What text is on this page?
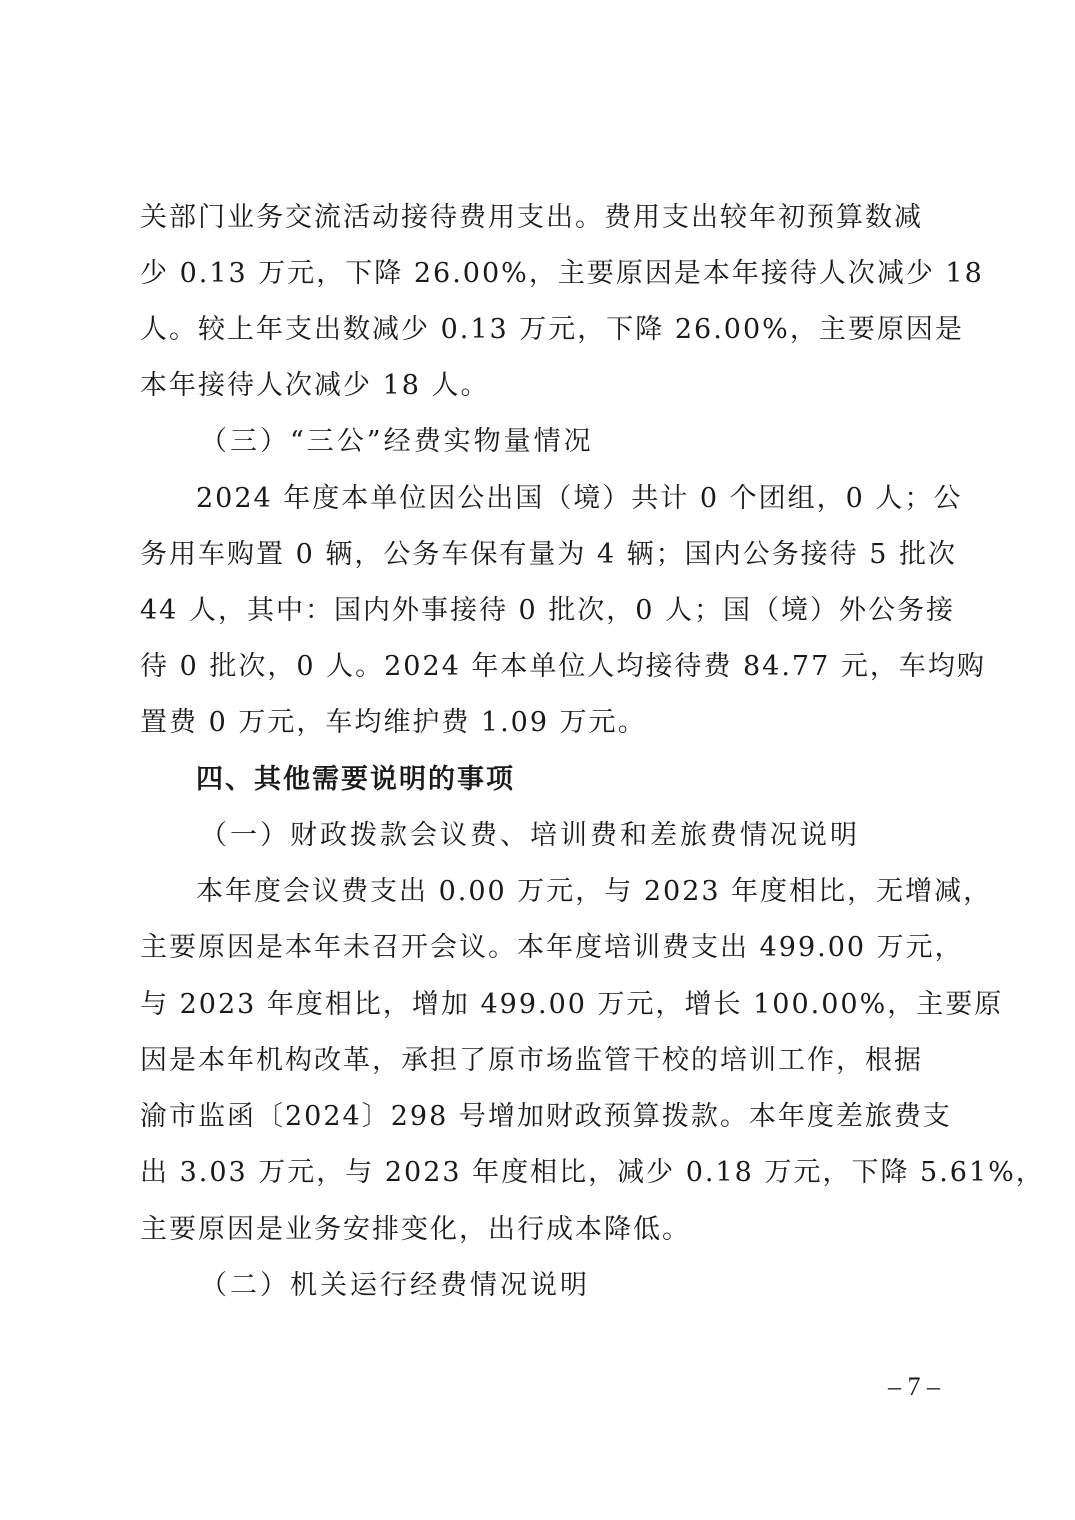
关部门业务交流活动接待费用支出。费用支出较年初预算数减
少 0.13 万元，下降 26.00%，主要原因是本年接待人次减少 18
人。较上年支出数减少 0.13 万元，下降 26.00%，主要原因是
本年接待人次减少 18 人。
（三）“三公”经费实物量情况
2024 年度本单位因公出国（境）共计 0 个团组，0 人；公
务用车购置 0 辆，公务车保有量为 4 辆；国内公务接待 5 批次
44 人，其中：国内外事接待 0 批次，0 人；国（境）外公务接
待 0 批次，0 人。2024 年本单位人均接待费 84.77 元，车均购
置费 0 万元，车均维护费 1.09 万元。
四、其他需要说明的事项
（一）财政拨款会议费、培训费和差旅费情况说明
本年度会议费支出 0.00 万元，与 2023 年度相比，无增减，
主要原因是本年未召开会议。本年度培训费支出 499.00 万元，
与 2023 年度相比，增加 499.00 万元，增长 100.00%，主要原
因是本年机构改革，承担了原市场监管干校的培训工作，根据
渝市监函〔2024〕298 号增加财政预算拨款。本年度差旅费支
出 3.03 万元，与 2023 年度相比，减少 0.18 万元，下降 5.61%，
主要原因是业务安排变化，出行成本降低。
（二）机关运行经费情况说明
– 7 –
